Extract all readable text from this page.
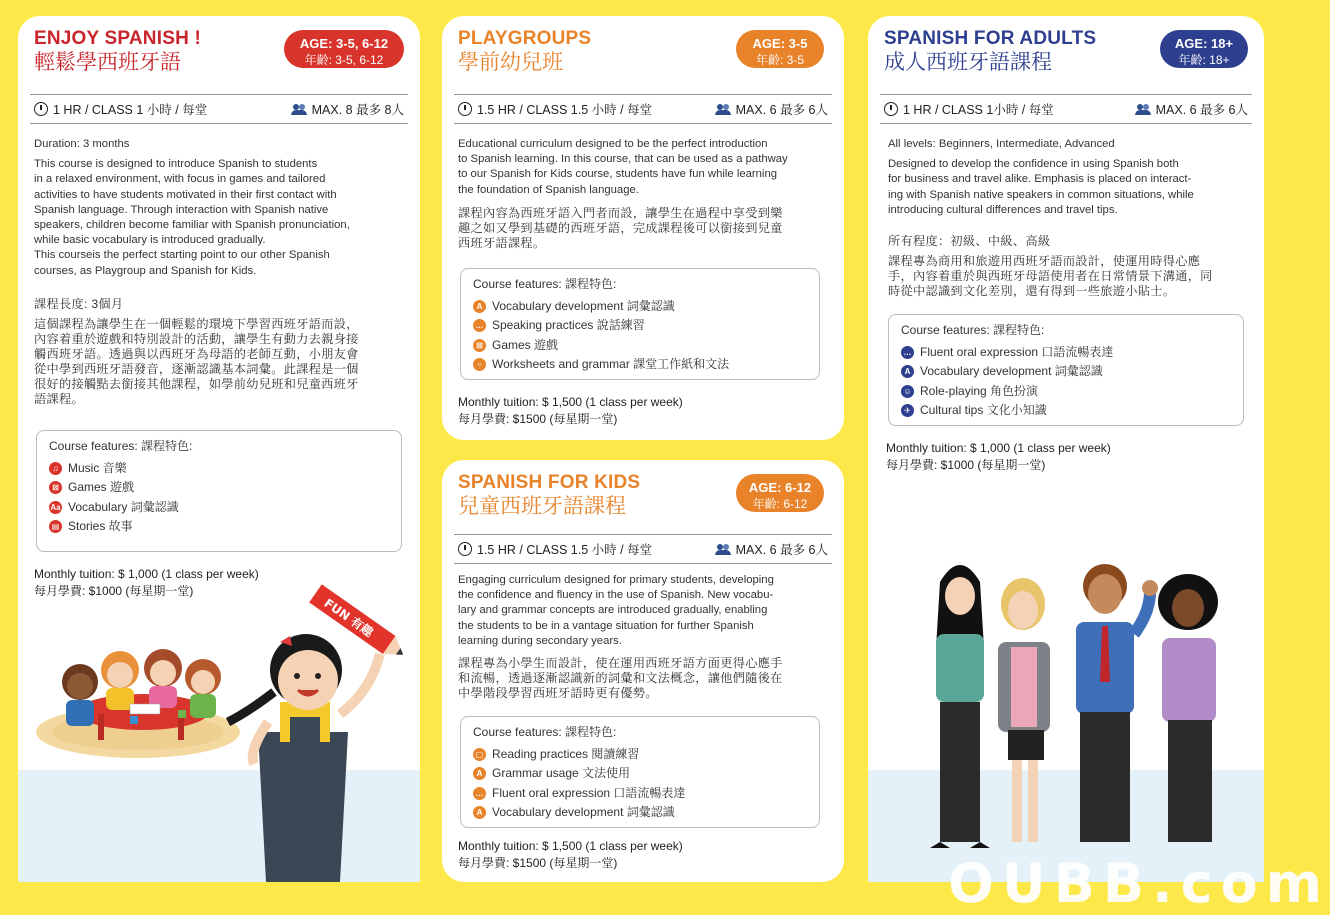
ENJOY SPANISH !
輕鬆學西班牙語
AGE: 3-5, 6-12
年齡: 3-5, 6-12
1 HR / CLASS 1 小時 / 每堂	MAX. 8 最多 8人

Duration: 3 months

This course is designed to introduce Spanish to students

in a relaxed environment, with focus in games and tailored

activities to have students motivated in their first contact with

Spanish language. Through interaction with Spanish native

speakers, children become familiar with Spanish pronunciation,

while basic vocabulary is introduced gradually.

This courseis the perfect starting point to our other Spanish

courses, as Playgroup and Spanish for Kids.

課程長度: 3個月

這個課程為讓學生在一個輕鬆的環境下學習西班牙語而設，

內容着重於遊戲和特別設計的活動，讓學生有動力去親身接

觸西班牙語。透過與以西班牙為母語的老師互動，小朋友會

從中學到西班牙語發音，逐漸認識基本詞彙。此課程是一個

很好的接觸點去銜接其他課程，如學前幼兒班和兒童西班牙

語課程。

Course features: 課程特色:
♫ Music 音樂
⊠ Games 遊戲
Aa Vocabulary 詞彙認識
▤ Stories 故事
Monthly tuition: $ 1,000 (1 class per week)
每月學費: $1000 (每星期一堂)
FUN 有趣
PLAYGROUPS
學前幼兒班
AGE: 3-5
年齡: 3-5
1.5 HR / CLASS 1.5 小時 / 每堂	MAX. 6 最多 6人

Educational curriculum designed to be the perfect introduction

to Spanish learning. In this course, that can be used as a pathway

to our Spanish for Kids course, students have fun while learning

the foundation of Spanish language.

課程內容為西班牙語入門者而設，讓學生在過程中享受到樂

趣之如又學到基礎的西班牙語，完成課程後可以銜接到兒童

西班牙語課程。

Course features: 課程特色:
A Vocabulary development 詞彙認識
… Speaking practices 說話練習
⊠ Games 遊戲
○ Worksheets and grammar 課堂工作紙和文法
Monthly tuition: $ 1,500 (1 class per week)
每月學費: $1500 (每星期一堂)
SPANISH FOR KIDS
兒童西班牙語課程
AGE: 6-12
年齡: 6-12
1.5 HR / CLASS 1.5 小時 / 每堂	MAX. 6 最多 6人

Engaging curriculum designed for primary students, developing

the confidence and fluency in the use of Spanish. New vocabu-

lary and grammar concepts are introduced gradually, enabling

the students to be in a vantage situation for further Spanish

learning during secondary years.

課程專為小學生而設計，使在運用西班牙語方面更得心應手

和流暢，透過逐漸認識新的詞彙和文法概念，讓他們隨後在

中學階段學習西班牙語時更有優勢。

Course features: 課程特色:
▢ Reading practices 閱讀練習
A Grammar usage 文法使用
… Fluent oral expression 口語流暢表達
A Vocabulary development 詞彙認識
Monthly tuition: $ 1,500 (1 class per week)
每月學費: $1500 (每星期一堂)
SPANISH FOR ADULTS
成人西班牙語課程
AGE: 18+
年齡: 18+
1 HR / CLASS 1小時 / 每堂	MAX. 6 最多 6人

All levels: Beginners, Intermediate, Advanced

Designed to develop the confidence in using Spanish both

for business and travel alike. Emphasis is placed on interact-

ing with Spanish native speakers in common situations, while

introducing cultural differences and travel tips.

所有程度：初級、中級、高級

課程專為商用和旅遊用西班牙語而設計，使運用時得心應

手，內容着重於與西班牙母語使用者在日常情景下溝通，同

時從中認識到文化差別，還有得到一些旅遊小貼士。

Course features: 課程特色:
… Fluent oral expression 口語流暢表達
A Vocabulary development 詞彙認識
☺ Role-playing 角色扮演
✈ Cultural tips 文化小知識
Monthly tuition: $ 1,000 (1 class per week)
每月學費: $1000 (每星期一堂)
OUBB.com
